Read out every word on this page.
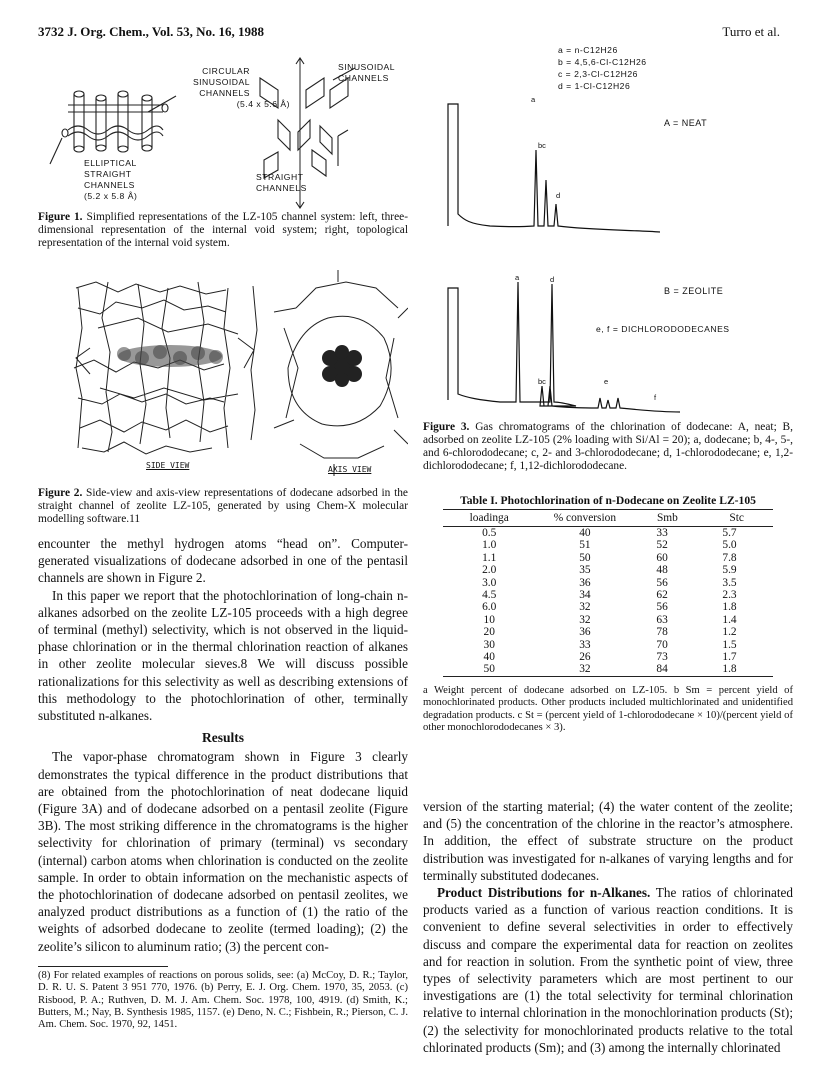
3732 J. Org. Chem., Vol. 53, No. 16, 1988	Turro et al.
CIRCULAR
SINUSOIDAL
CHANNELS
(5.4 x 5.6 Å)
ELLIPTICAL
STRAIGHT
CHANNELS
(5.2 x 5.8 Å)
SINUSOIDAL
CHANNELS
STRAIGHT
CHANNELS
Figure 1. Simplified representations of the LZ-105 channel system: left, three-dimensional representation of the internal void system; right, topological representation of the internal void system.
SIDE VIEW	AXIS VIEW
Figure 2. Side-view and axis-view representations of dodecane adsorbed in the straight channel of zeolite LZ-105, generated by using Chem-X molecular modelling software.11

encounter the methyl hydrogen atoms “head on”. Computer-generated visualizations of dodecane adsorbed in one of the pentasil channels are shown in Figure 2.

In this paper we report that the photochlorination of long-chain n-alkanes adsorbed on the zeolite LZ-105 proceeds with a high degree of terminal (methyl) selectivity, which is not observed in the liquid-phase chlorination or in the thermal chlorination reaction of alkanes in other zeolite molecular sieves.8 We will discuss possible rationalizations for this selectivity as well as describing extensions of this methodology to the photochlorination of other, terminally substituted n-alkanes.

Results

The vapor-phase chromatogram shown in Figure 3 clearly demonstrates the typical difference in the product distributions that are obtained from the photochlorination of neat dodecane liquid (Figure 3A) and of dodecane adsorbed on a pentasil zeolite (Figure 3B). The most striking difference in the chromatograms is the higher selectivity for chlorination of primary (terminal) vs secondary (internal) carbon atoms when chlorination is conducted on the zeolite sample. In order to obtain information on the mechanistic aspects of the photochlorination of dodecane adsorbed on pentasil zeolites, we analyzed product distributions as a function of (1) the ratio of the weights of adsorbed dodecane to zeolite (termed loading); (2) the zeolite’s silicon to aluminum ratio; (3) the percent con-

(8) For related examples of reactions on porous solids, see: (a) McCoy, D. R.; Taylor, D. R. U. S. Patent 3 951 770, 1976. (b) Perry, E. J. Org. Chem. 1970, 35, 2053. (c) Risbood, P. A.; Ruthven, D. M. J. Am. Chem. Soc. 1978, 100, 4919. (d) Smith, K.; Butters, M.; Nay, B. Synthesis 1985, 1157. (e) Deno, N. C.; Fishbein, R.; Pierson, C. J. Am. Chem. Soc. 1970, 92, 1451.
a = n-C12H26
b = 4,5,6-Cl-C12H26
c = 2,3-Cl-C12H26
d = 1-Cl-C12H26
A = NEAT
B = ZEOLITE
e, f = DICHLORODODECANES
a
bc
d
a	d
bc	e
f
Figure 3. Gas chromatograms of the chlorination of dodecane: A, neat; B, adsorbed on zeolite LZ-105 (2% loading with Si/Al = 20); a, dodecane; b, 4-, 5-, and 6-chlorododecane; c, 2- and 3-chlorododecane; d, 1-chlorododecane; e, 1,2-dichlorododecane; f, 1,12-dichlorododecane.
Table I. Photochlorination of n-Dodecane on Zeolite LZ-105
loadinga	% conversion	Smb	Stc
0.5	40	33	5.7
1.0	51	52	5.0
1.1	50	60	7.8
2.0	35	48	5.9
3.0	36	56	3.5
4.5	34	62	2.3
6.0	32	56	1.8
10	32	63	1.4
20	36	78	1.2
30	33	70	1.5
40	26	73	1.7
50	32	84	1.8
a Weight percent of dodecane adsorbed on LZ-105. b Sm = percent yield of monochlorinated products. Other products included multichlorinated and unidentified degradation products. c St = (percent yield of 1-chlorododecane × 10)/(percent yield of other monochlorododecanes × 3).

version of the starting material; (4) the water content of the zeolite; and (5) the concentration of the chlorine in the reactor’s atmosphere. In addition, the effect of substrate structure on the product distribution was investigated for n-alkanes of varying lengths and for terminally substituted dodecanes.

Product Distributions for n-Alkanes. The ratios of chlorinated products varied as a function of various reaction conditions. It is convenient to define several selectivities in order to effectively discuss and compare the experimental data for reaction on zeolites and for reaction in solution. From the synthetic point of view, three types of selectivity parameters which are most pertinent to our investigations are (1) the total selectivity for terminal chlorination relative to internal chlorination in the monochlorination products (St); (2) the selectivity for monochlorinated products relative to the total chlorinated products (Sm); and (3) among the internally chlorinated
